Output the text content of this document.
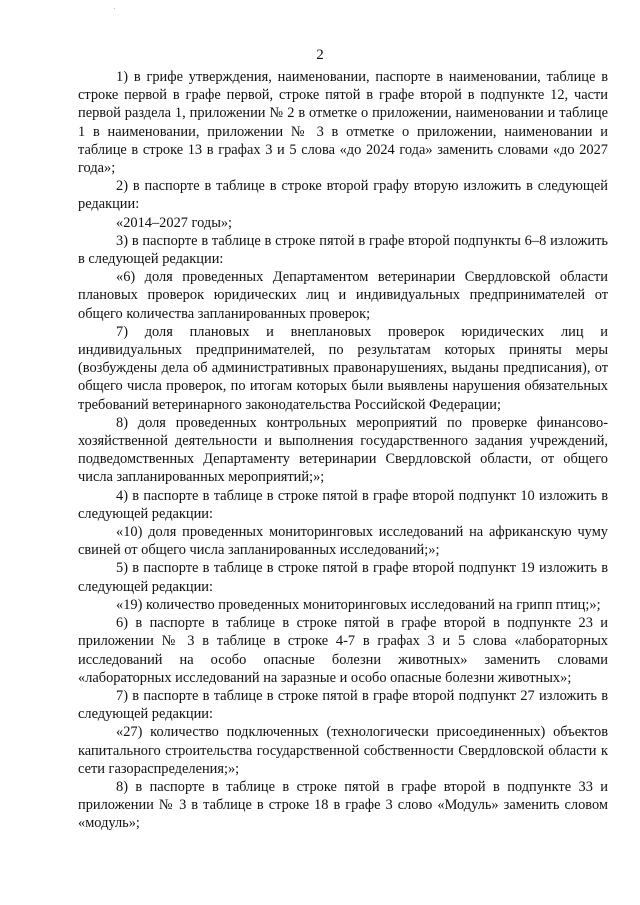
2

1) в грифе утверждения, наименовании, паспорте в наименовании, таблице в строке первой в графе первой, строке пятой в графе второй в подпункте 12, части первой раздела 1, приложении № 2 в отметке о приложении, наименовании и таблице 1 в наименовании, приложении № 3 в отметке о приложении, наименовании и таблице в строке 13 в графах 3 и 5 слова «до 2024 года» заменить словами «до 2027 года»;

2) в паспорте в таблице в строке второй графу вторую изложить в следующей редакции:

«2014–2027 годы»;

3) в паспорте в таблице в строке пятой в графе второй подпункты 6–8 изложить в следующей редакции:

«6) доля проведенных Департаментом ветеринарии Свердловской области плановых проверок юридических лиц и индивидуальных предпринимателей от общего количества запланированных проверок;

7) доля плановых и внеплановых проверок юридических лиц и индивидуальных предпринимателей, по результатам которых приняты меры (возбуждены дела об административных правонарушениях, выданы предписания), от общего числа проверок, по итогам которых были выявлены нарушения обязательных требований ветеринарного законодательства Российской Федерации;

8) доля проведенных контрольных мероприятий по проверке финансово-хозяйственной деятельности и выполнения государственного задания учреждений, подведомственных Департаменту ветеринарии Свердловской области, от общего числа запланированных мероприятий;»;

4) в паспорте в таблице в строке пятой в графе второй подпункт 10 изложить в следующей редакции:

«10) доля проведенных мониторинговых исследований на африканскую чуму свиней от общего числа запланированных исследований;»;

5) в паспорте в таблице в строке пятой в графе второй подпункт 19 изложить в следующей редакции:

«19) количество проведенных мониторинговых исследований на грипп птиц;»;

6) в паспорте в таблице в строке пятой в графе второй в подпункте 23 и приложении № 3 в таблице в строке 4-7 в графах 3 и 5 слова «лабораторных исследований на особо опасные болезни животных» заменить словами «лабораторных исследований на заразные и особо опасные болезни животных»;

7) в паспорте в таблице в строке пятой в графе второй подпункт 27 изложить в следующей редакции:

«27) количество подключенных (технологически присоединенных) объектов капитального строительства государственной собственности Свердловской области к сети газораспределения;»;

8) в паспорте в таблице в строке пятой в графе второй в подпункте 33 и приложении № 3 в таблице в строке 18 в графе 3 слово «Модуль» заменить словом «модуль»;
